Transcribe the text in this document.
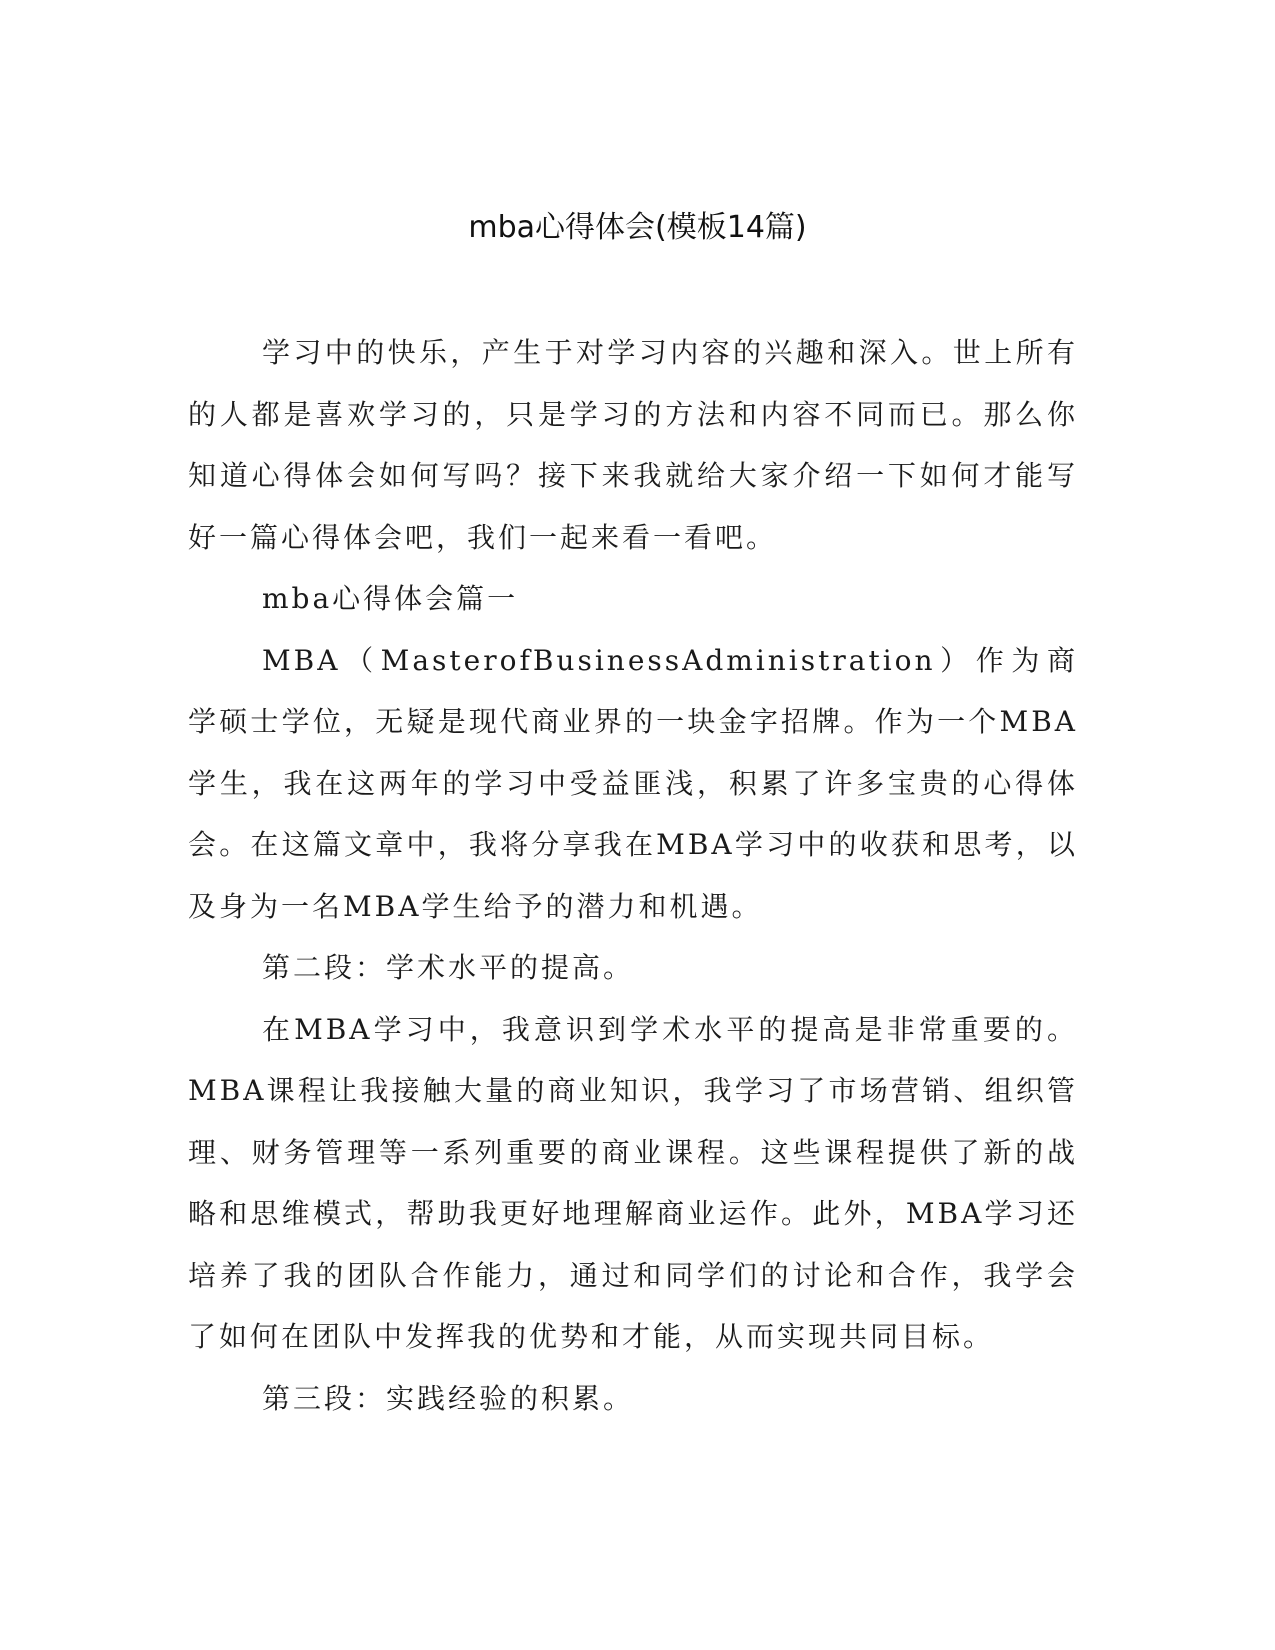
mba心得体会(模板14篇)

学习中的快乐，产生于对学习内容的兴趣和深入。世上所有的人都是喜欢学习的，只是学习的方法和内容不同而已。那么你知道心得体会如何写吗？接下来我就给大家介绍一下如何才能写好一篇心得体会吧，我们一起来看一看吧。

mba心得体会篇一

MBA（MasterofBusinessAdministration）作为商学硕士学位，无疑是现代商业界的一块金字招牌。作为一个MBA学生，我在这两年的学习中受益匪浅，积累了许多宝贵的心得体会。在这篇文章中，我将分享我在MBA学习中的收获和思考，以及身为一名MBA学生给予的潜力和机遇。

第二段：学术水平的提高。

在MBA学习中，我意识到学术水平的提高是非常重要的。MBA课程让我接触大量的商业知识，我学习了市场营销、组织管理、财务管理等一系列重要的商业课程。这些课程提供了新的战略和思维模式，帮助我更好地理解商业运作。此外，MBA学习还培养了我的团队合作能力，通过和同学们的讨论和合作，我学会了如何在团队中发挥我的优势和才能，从而实现共同目标。

第三段：实践经验的积累。
